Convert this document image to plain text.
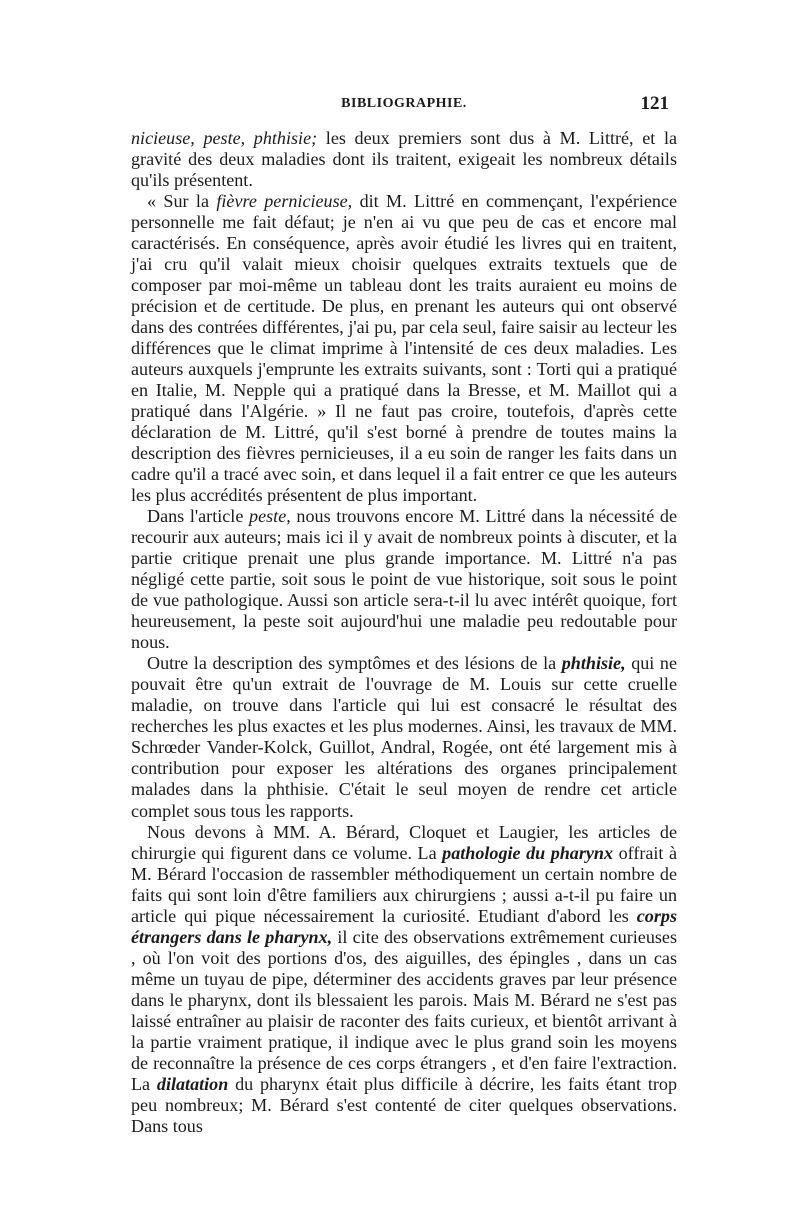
BIBLIOGRAPHIE.	121

nicieuse, peste, phthisie; les deux premiers sont dus à M. Littré, et la gravité des deux maladies dont ils traitent, exigeait les nombreux détails qu'ils présentent.

« Sur la fièvre pernicieuse, dit M. Littré en commençant, l'expérience personnelle me fait défaut; je n'en ai vu que peu de cas et encore mal caractérisés. En conséquence, après avoir étudié les livres qui en traitent, j'ai cru qu'il valait mieux choisir quelques extraits textuels que de composer par moi-même un tableau dont les traits auraient eu moins de précision et de certitude. De plus, en prenant les auteurs qui ont observé dans des contrées différentes, j'ai pu, par cela seul, faire saisir au lecteur les différences que le climat imprime à l'intensité de ces deux maladies. Les auteurs auxquels j'emprunte les extraits suivants, sont : Torti qui a pratiqué en Italie, M. Nepple qui a pratiqué dans la Bresse, et M. Maillot qui a pratiqué dans l'Algérie. » Il ne faut pas croire, toutefois, d'après cette déclaration de M. Littré, qu'il s'est borné à prendre de toutes mains la description des fièvres pernicieuses, il a eu soin de ranger les faits dans un cadre qu'il a tracé avec soin, et dans lequel il a fait entrer ce que les auteurs les plus accrédités présentent de plus important.

Dans l'article peste, nous trouvons encore M. Littré dans la nécessité de recourir aux auteurs; mais ici il y avait de nombreux points à discuter, et la partie critique prenait une plus grande importance. M. Littré n'a pas négligé cette partie, soit sous le point de vue historique, soit sous le point de vue pathologique. Aussi son article sera-t-il lu avec intérêt quoique, fort heureusement, la peste soit aujourd'hui une maladie peu redoutable pour nous.

Outre la description des symptômes et des lésions de la phthisie, qui ne pouvait être qu'un extrait de l'ouvrage de M. Louis sur cette cruelle maladie, on trouve dans l'article qui lui est consacré le résultat des recherches les plus exactes et les plus modernes. Ainsi, les travaux de MM. Schrœder Vander-Kolck, Guillot, Andral, Rogée, ont été largement mis à contribution pour exposer les altérations des organes principalement malades dans la phthisie. C'était le seul moyen de rendre cet article complet sous tous les rapports.

Nous devons à MM. A. Bérard, Cloquet et Laugier, les articles de chirurgie qui figurent dans ce volume. La pathologie du pharynx offrait à M. Bérard l'occasion de rassembler méthodiquement un certain nombre de faits qui sont loin d'être familiers aux chirurgiens ; aussi a-t-il pu faire un article qui pique nécessairement la curiosité. Etudiant d'abord les corps étrangers dans le pharynx, il cite des observations extrêmement curieuses , où l'on voit des portions d'os, des aiguilles, des épingles , dans un cas même un tuyau de pipe, déterminer des accidents graves par leur présence dans le pharynx, dont ils blessaient les parois. Mais M. Bérard ne s'est pas laissé entraîner au plaisir de raconter des faits curieux, et bientôt arrivant à la partie vraiment pratique, il indique avec le plus grand soin les moyens de reconnaître la présence de ces corps étrangers , et d'en faire l'extraction. La dilatation du pharynx était plus difficile à décrire, les faits étant trop peu nombreux; M. Bérard s'est contenté de citer quelques observations. Dans tous
